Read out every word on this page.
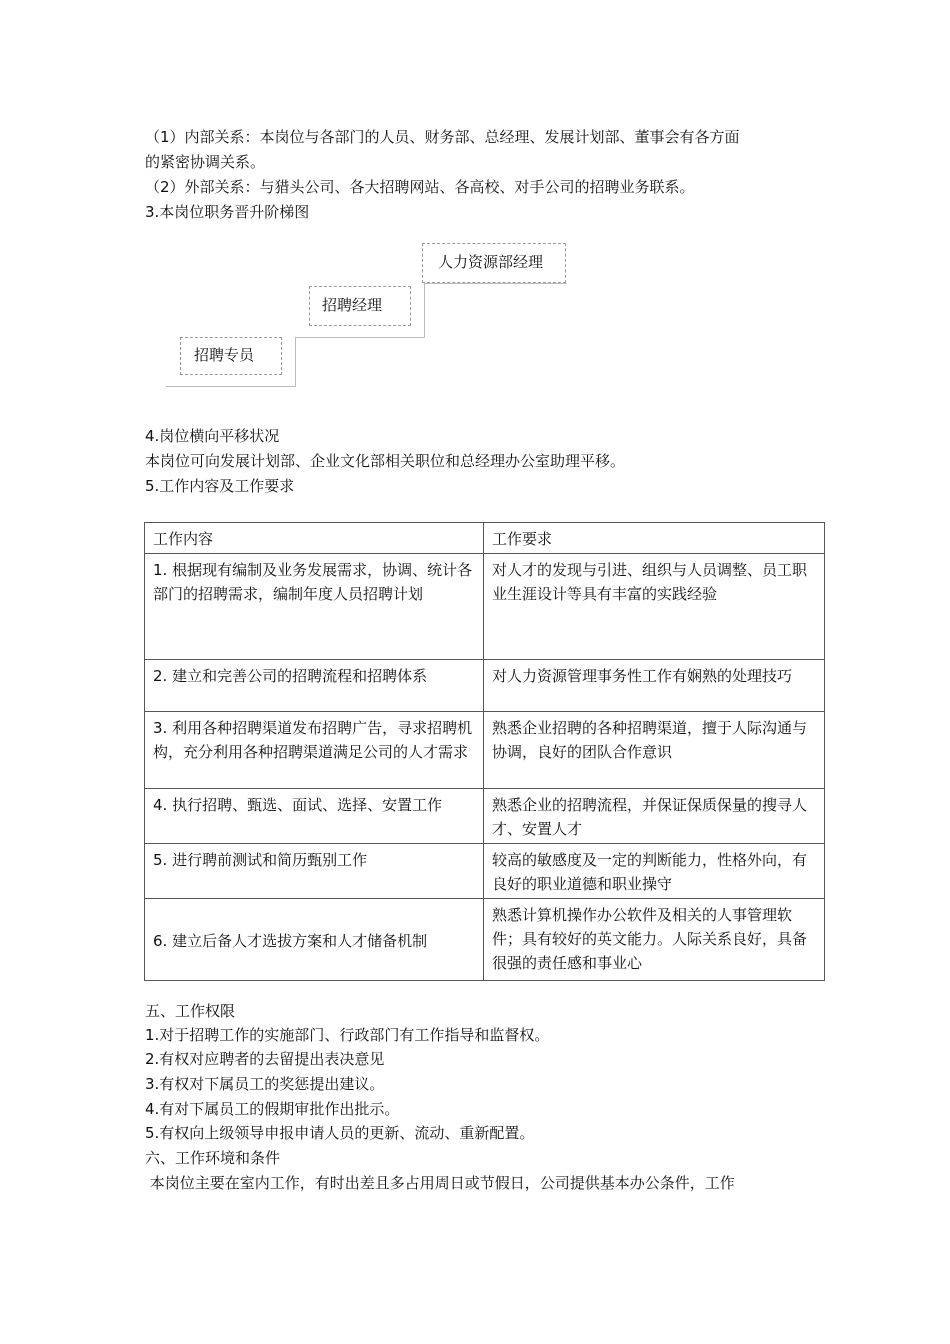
（1）内部关系：本岗位与各部门的人员、财务部、总经理、发展计划部、董事会有各方面
的紧密协调关系。
（2）外部关系：与猎头公司、各大招聘网站、各高校、对手公司的招聘业务联系。
3.本岗位职务晋升阶梯图
招聘专员
招聘经理
人力资源部经理
4.岗位横向平移状况
本岗位可向发展计划部、企业文化部相关职位和总经理办公室助理平移。
5.工作内容及工作要求
工作内容	工作要求
1. 根据现有编制及业务发展需求，协调、统计各部门的招聘需求，编制年度人员招聘计划	对人才的发现与引进、组织与人员调整、员工职业生涯设计等具有丰富的实践经验
2. 建立和完善公司的招聘流程和招聘体系	对人力资源管理事务性工作有娴熟的处理技巧
3. 利用各种招聘渠道发布招聘广告，寻求招聘机构，充分利用各种招聘渠道满足公司的人才需求	熟悉企业招聘的各种招聘渠道，擅于人际沟通与协调，良好的团队合作意识
4. 执行招聘、甄选、面试、选择、安置工作	熟悉企业的招聘流程，并保证保质保量的搜寻人才、安置人才
5. 进行聘前测试和简历甄别工作	较高的敏感度及一定的判断能力，性格外向，有良好的职业道德和职业操守
6. 建立后备人才选拔方案和人才储备机制	熟悉计算机操作办公软件及相关的人事管理软件；具有较好的英文能力。人际关系良好，具备很强的责任感和事业心
五、工作权限
1.对于招聘工作的实施部门、行政部门有工作指导和监督权。
2.有权对应聘者的去留提出表决意见
3.有权对下属员工的奖惩提出建议。
4.有对下属员工的假期审批作出批示。
5.有权向上级领导申报申请人员的更新、流动、重新配置。
六、工作环境和条件
本岗位主要在室内工作，有时出差且多占用周日或节假日，公司提供基本办公条件，工作
